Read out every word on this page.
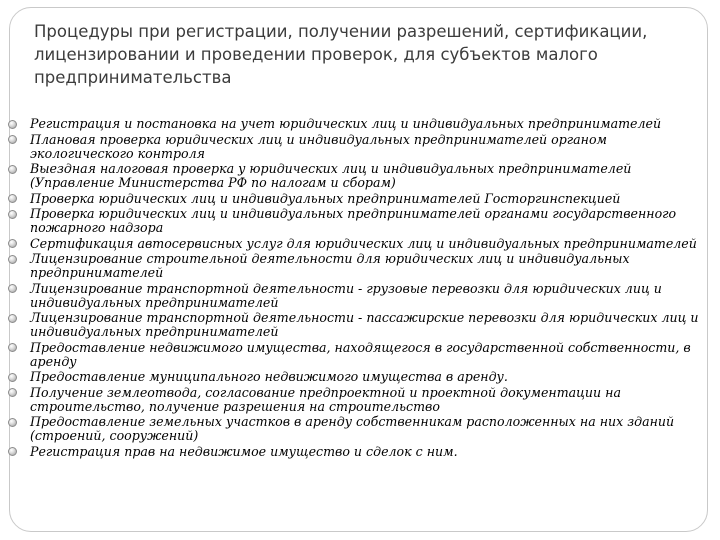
Процедуры при регистрации, получении разрешений, сертификации, лицензировании и проведении проверок, для субъектов малого предпринимательства
Регистрация и постановка на учет юридических лиц и индивидуальных предпринимателей
Плановая проверка юридических лиц и индивидуальных предпринимателей органом экологического контроля
Выездная налоговая проверка у юридических лиц и индивидуальных предпринимателей (Управление Министерства РФ по налогам и сборам)
Проверка юридических лиц и индивидуальных предпринимателей Госторгинспекцией
Проверка юридических лиц и индивидуальных предпринимателей органами государственного пожарного надзора
Сертификация автосервисных услуг для юридических лиц и индивидуальных предпринимателей
Лицензирование строительной деятельности для юридических лиц и индивидуальных предпринимателей
Лицензирование транспортной деятельности - грузовые перевозки для юридических лиц и индивидуальных предпринимателей
Лицензирование транспортной деятельности - пассажирские перевозки для юридических лиц и индивидуальных предпринимателей
Предоставление недвижимого имущества, находящегося в государственной собственности, в аренду
Предоставление муниципального недвижимого имущества в аренду.
Получение землеотвода, согласование предпроектной и проектной документации на строительство, получение разрешения на строительство
Предоставление земельных участков в аренду собственникам расположенных на них зданий (строений, сооружений)
Регистрация прав на недвижимое имущество и сделок с ним.
